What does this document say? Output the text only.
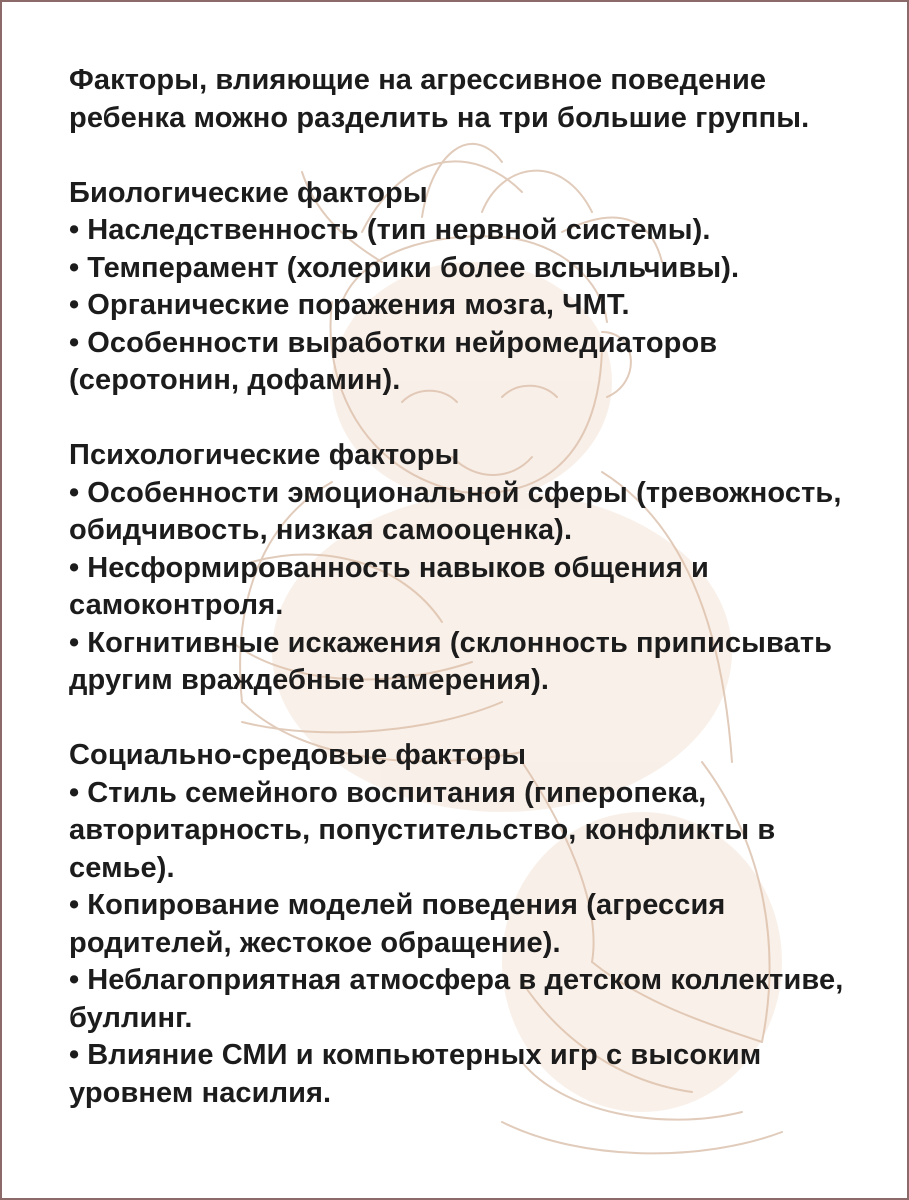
Факторы, влияющие на агрессивное поведение ребенка можно разделить на три большие группы.

Биологические факторы
• Наследственность (тип нервной системы).
• Темперамент (холерики более вспыльчивы).
• Органические поражения мозга, ЧМТ.
• Особенности выработки нейромедиаторов (серотонин, дофамин).
Психологические факторы
• Особенности эмоциональной сферы (тревожность, обидчивость, низкая самооценка).
• Несформированность навыков общения и самоконтроля.
• Когнитивные искажения (склонность приписывать другим враждебные намерения).
Социально-средовые факторы
• Стиль семейного воспитания (гиперопека, авторитарность, попустительство, конфликты в семье).
• Копирование моделей поведения (агрессия родителей, жестокое обращение).
• Неблагоприятная атмосфера в детском коллективе, буллинг.
• Влияние СМИ и компьютерных игр с высоким уровнем насилия.
